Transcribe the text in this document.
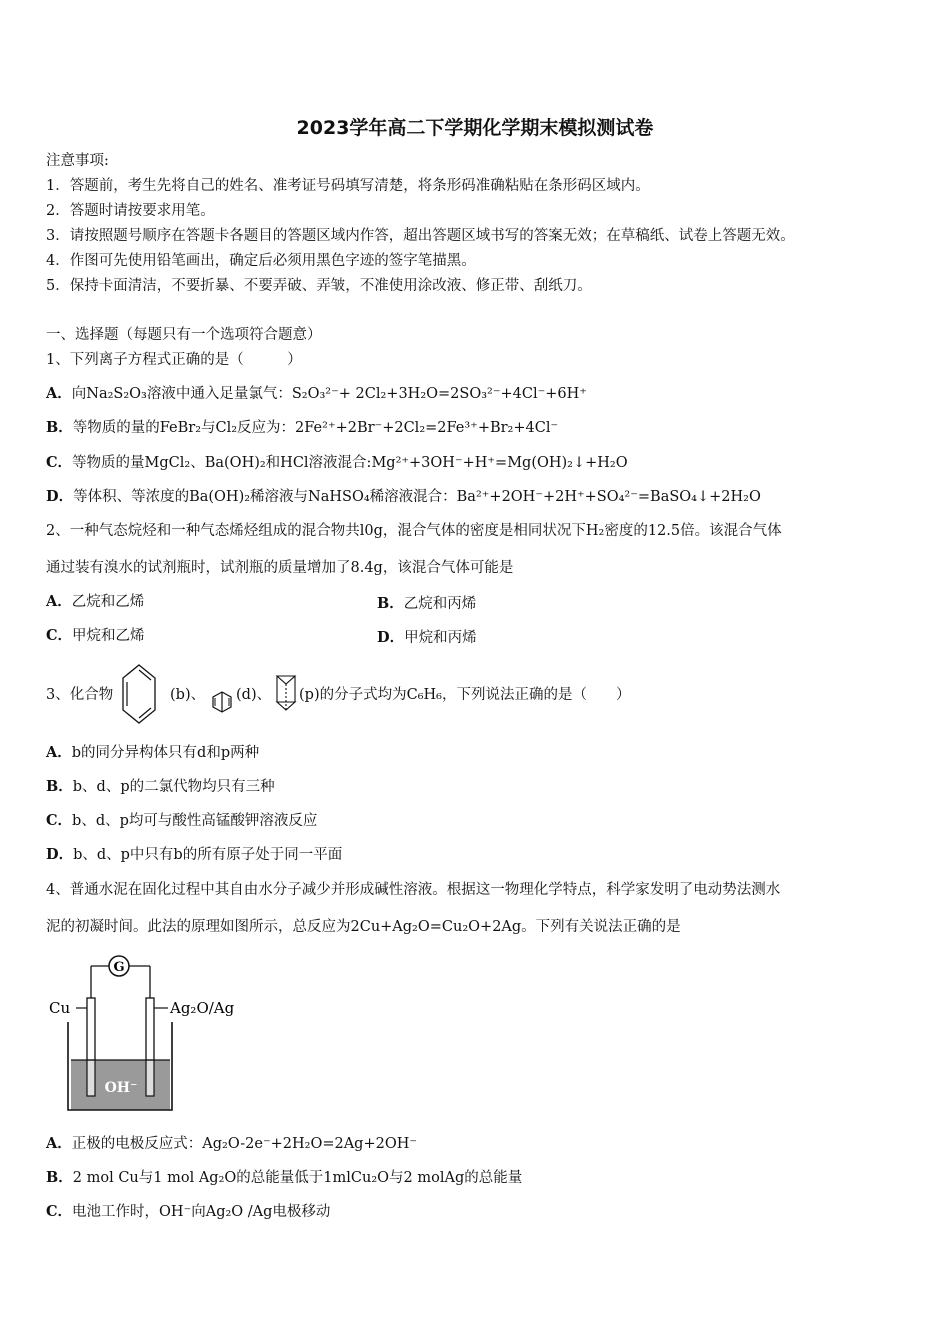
2023学年高二下学期化学期末模拟测试卷
注意事项:
1．答题前，考生先将自己的姓名、准考证号码填写清楚，将条形码准确粘贴在条形码区域内。
2．答题时请按要求用笔。
3．请按照题号顺序在答题卡各题目的答题区域内作答，超出答题区域书写的答案无效；在草稿纸、试卷上答题无效。
4．作图可先使用铅笔画出，确定后必须用黑色字迹的签字笔描黑。
5．保持卡面清洁，不要折暴、不要弄破、弄皱，不准使用涂改液、修正带、刮纸刀。
一、选择题（每题只有一个选项符合题意）
1、下列离子方程式正确的是（　　　）
A．向Na₂S₂O₃溶液中通入足量氯气：S₂O₃²⁻+ 2Cl₂+3H₂O=2SO₃²⁻+4Cl⁻+6H⁺
B．等物质的量的FeBr₂与Cl₂反应为：2Fe²⁺+2Br⁻+2Cl₂=2Fe³⁺+Br₂+4Cl⁻
C．等物质的量MgCl₂、Ba(OH)₂和HCl溶液混合:Mg²⁺+3OH⁻+H⁺=Mg(OH)₂↓+H₂O
D．等体积、等浓度的Ba(OH)₂稀溶液与NaHSO₄稀溶液混合：Ba²⁺+2OH⁻+2H⁺+SO₄²⁻=BaSO₄↓+2H₂O
2、一种气态烷烃和一种气态烯烃组成的混合物共l0g，混合气体的密度是相同状况下H₂密度的12.5倍。该混合气体
通过装有溴水的试剂瓶时，试剂瓶的质量增加了8.4g，该混合气体可能是
A．乙烷和乙烯	B．乙烷和丙烯
C．甲烷和乙烯	D．甲烷和丙烯
3、化合物	(b)、 (d)、 (p)的分子式均为C₆H₆，下列说法正确的是（　　）
A．b的同分异构体只有d和p两种
B．b、d、p的二氯代物均只有三种
C．b、d、p均可与酸性高锰酸钾溶液反应
D．b、d、p中只有b的所有原子处于同一平面
4、普通水泥在固化过程中其自由水分子减少并形成碱性溶液。根据这一物理化学特点，科学家发明了电动势法测水
泥的初凝时间。此法的原理如图所示，总反应为2Cu+Ag₂O=Cu₂O+2Ag。下列有关说法正确的是
G
Cu	Ag₂O/Ag
OH⁻
A．正极的电极反应式：Ag₂O-2e⁻+2H₂O=2Ag+2OH⁻
B．2 mol Cu与1 mol Ag₂O的总能量低于1mlCu₂O与2 molAg的总能量
C．电池工作时，OH⁻向Ag₂O /Ag电极移动
